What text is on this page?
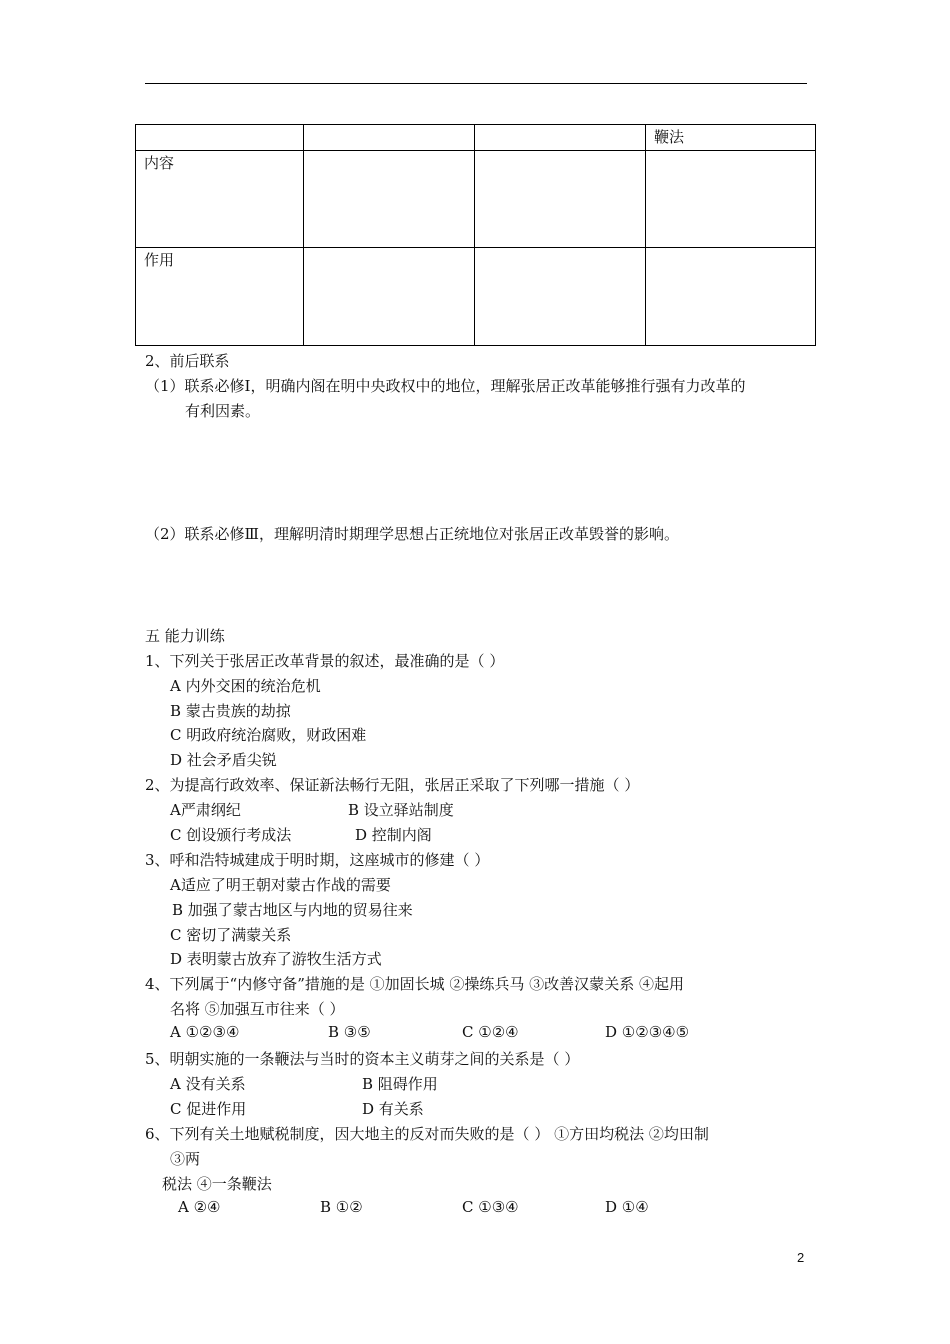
			鞭法
内容			
作用			
2、前后联系
（1）联系必修Ⅰ，明确内阁在明中央政权中的地位，理解张居正改革能够推行强有力改革的
有利因素。
（2）联系必修Ⅲ，理解明清时期理学思想占正统地位对张居正改革毁誉的影响。
五 能力训练
1、下列关于张居正改革背景的叙述，最准确的是（ ）
A 内外交困的统治危机
B 蒙古贵族的劫掠
C 明政府统治腐败，财政困难
D 社会矛盾尖锐
2、为提高行政效率、保证新法畅行无阻，张居正采取了下列哪一措施（ ）
A严肃纲纪	B 设立驿站制度
C 创设颁行考成法	D 控制内阁
3、呼和浩特城建成于明时期，这座城市的修建（ ）
A适应了明王朝对蒙古作战的需要
B 加强了蒙古地区与内地的贸易往来
C 密切了满蒙关系
D 表明蒙古放弃了游牧生活方式
4、下列属于“内修守备”措施的是 ①加固长城 ②操练兵马 ③改善汉蒙关系 ④起用
名将 ⑤加强互市往来（ ）
A ①②③④	B ③⑤	C ①②④	D ①②③④⑤
5、明朝实施的一条鞭法与当时的资本主义萌芽之间的关系是（ ）
A 没有关系	B 阻碍作用
C 促进作用	D 有关系
6、下列有关土地赋税制度，因大地主的反对而失败的是（ ） ①方田均税法 ②均田制
③两
税法 ④一条鞭法
A ②④	B ①②	C ①③④	D ①④
2
